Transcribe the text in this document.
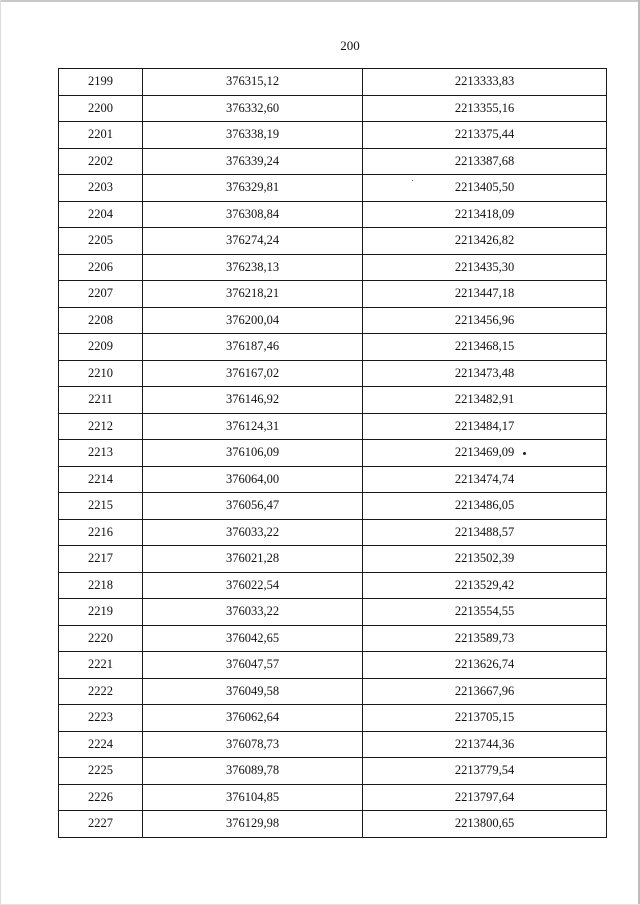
200
2199	376315,12	2213333,83
2200	376332,60	2213355,16
2201	376338,19	2213375,44
2202	376339,24	2213387,68
2203	376329,81	2213405,50
2204	376308,84	2213418,09
2205	376274,24	2213426,82
2206	376238,13	2213435,30
2207	376218,21	2213447,18
2208	376200,04	2213456,96
2209	376187,46	2213468,15
2210	376167,02	2213473,48
2211	376146,92	2213482,91
2212	376124,31	2213484,17
2213	376106,09	2213469,09
2214	376064,00	2213474,74
2215	376056,47	2213486,05
2216	376033,22	2213488,57
2217	376021,28	2213502,39
2218	376022,54	2213529,42
2219	376033,22	2213554,55
2220	376042,65	2213589,73
2221	376047,57	2213626,74
2222	376049,58	2213667,96
2223	376062,64	2213705,15
2224	376078,73	2213744,36
2225	376089,78	2213779,54
2226	376104,85	2213797,64
2227	376129,98	2213800,65
